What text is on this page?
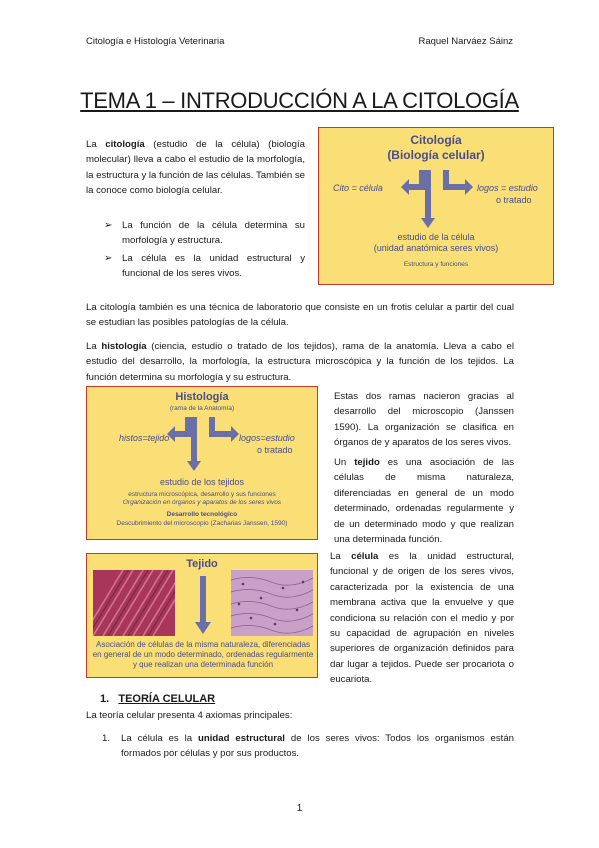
Citología e Histología Veterinaria	Raquel Narváez Sáinz
TEMA 1 – INTRODUCCIÓN A LA CITOLOGÍA
La citología (estudio de la célula) (biología molecular) lleva a cabo el estudio de la morfología, la estructura y la función de las células. También se la conoce como biología celular.
➢ La función de la célula determina su morfología y estructura.
➢ La célula es la unidad estructural y funcional de los seres vivos.
Citología
(Biología celular)
Cito = célula	logos = estudio
o tratado
estudio de la célula
(unidad anatómica seres vivos)
Estructura y funciones
La citología también es una técnica de laboratorio que consiste en un frotis celular a partir del cual se estudian las posibles patologías de la célula.
La histología (ciencia, estudio o tratado de los tejidos), rama de la anatomía. Lleva a cabo el estudio del desarrollo, la morfología, la estructura microscópica y la función de los tejidos. La función determina su morfología y su estructura.
Histología
(rama de la Anatomía)
histos=tejido	logos=estudio
o tratado
estudio de los tejidos
estructura microscópica, desarrollo y sus funciones
Organización en órganos y aparatos de los seres vivos
Desarrollo tecnológico
Descubrimiento del microscopio (Zacharias Janssen, 1590)
Tejido
Asociación de células de la misma naturaleza, diferenciadas en general de un modo determinado, ordenadas regularmente y que realizan una determinada función
Estas dos ramas nacieron gracias al desarrollo del microscopio (Janssen 1590). La organización se clasifica en órganos de y aparatos de los seres vivos.
Un tejido es una asociación de las células de misma naturaleza, diferenciadas en general de un modo determinado, ordenadas regularmente y de un determinado modo y que realizan una determinada función.
La célula es la unidad estructural, funcional y de origen de los seres vivos, caracterizada por la existencia de una membrana activa que la envuelve y que condiciona su relación con el medio y por su capacidad de agrupación en niveles superiores de organización definidos para dar lugar a tejidos. Puede ser procariota o eucariota.
1. TEORÍA CELULAR
La teoría celular presenta 4 axiomas principales:
1.	La célula es la unidad estructural de los seres vivos: Todos los organismos están formados por células y por sus productos.
1
